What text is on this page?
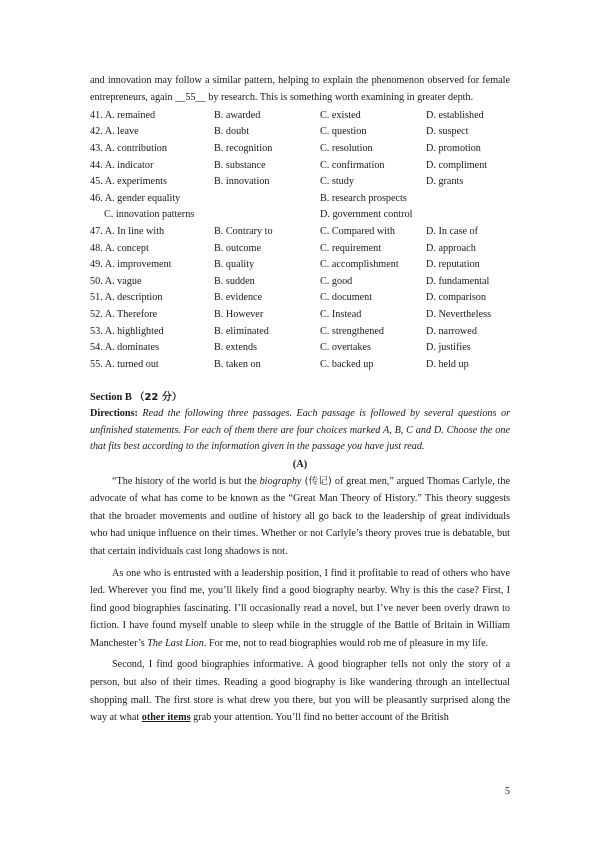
and innovation may follow a similar pattern, helping to explain the phenomenon observed for female entrepreneurs, again __55__ by research. This is something worth examining in greater depth.

41. A. remained	B. awarded	C. existed	D. established
42. A. leave	B. doubt	C. question	D. suspect
43. A. contribution	B. recognition	C. resolution	D. promotion
44. A. indicator	B. substance	C. confirmation	D. compliment
45. A. experiments	B. innovation	C. study	D. grants
46. A. gender equality		B. research prospects	
C. innovation patterns		D. government control	
47. A. In line with	B. Contrary to	C. Compared with	D. In case of
48. A. concept	B. outcome	C. requirement	D. approach
49. A. improvement	B. quality	C. accomplishment	D. reputation
50. A. vague	B. sudden	C. good	D. fundamental
51. A. description	B. evidence	C. document	D. comparison
52. A. Therefore	B. However	C. Instead	D. Nevertheless
53. A. highlighted	B. eliminated	C. strengthened	D. narrowed
54. A. dominates	B. extends	C. overtakes	D. justifies
55. A. turned out	B. taken on	C. backed up	D. held up
Section B （22 分）

Directions: Read the following three passages. Each passage is followed by several questions or unfinished statements. For each of them there are four choices marked A, B, C and D. Choose the one that fits best according to the information given in the passage you have just read.

(A)

“The history of the world is but the biography (传记) of great men,” argued Thomas Carlyle, the advocate of what has come to be known as the “Great Man Theory of History.” This theory suggests that the broader movements and outline of history all go back to the leadership of great individuals who had unique influence on their times. Whether or not Carlyle’s theory proves true is debatable, but that certain individuals cast long shadows is not.

As one who is entrusted with a leadership position, I find it profitable to read of others who have led. Wherever you find me, you’ll likely find a good biography nearby. Why is this the case? First, I find good biographies fascinating. I’ll occasionally read a novel, but I’ve never been overly drawn to fiction. I have found myself unable to sleep while in the struggle of the Battle of Britain in William Manchester’s The Last Lion. For me, not to read biographies would rob me of pleasure in my life.

Second, I find good biographies informative. A good biographer tells not only the story of a person, but also of their times. Reading a good biography is like wandering through an intellectual shopping mall. The first store is what drew you there, but you will be pleasantly surprised along the way at what other items grab your attention. You’ll find no better account of the British

5
